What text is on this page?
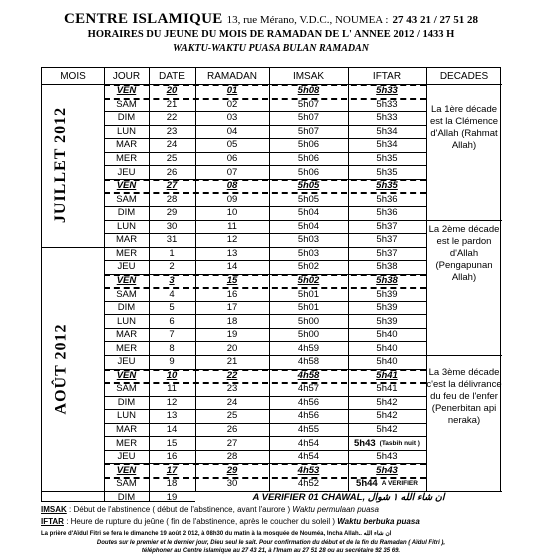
CENTRE ISLAMIQUE 13, rue Mérano, V.D.C., NOUMEA : 27 43 21 / 27 51 28
HORAIRES DU JEUNE DU MOIS DE RAMADAN DE L' ANNEE 2012 / 1433 H
WAKTU-WAKTU PUASA BULAN RAMADAN
MOIS	JOUR	DATE	RAMADAN	IMSAK	IFTAR	DECADES
VEN	20	01	5h08	5h33
SAM	21	02	5h07	5h33
DIM	22	03	5h07	5h33
LUN	23	04	5h07	5h34
MAR	24	05	5h06	5h34
MER	25	06	5h06	5h35
JEU	26	07	5h06	5h35
VEN	27	08	5h05	5h35
SAM	28	09	5h05	5h36
DIM	29	10	5h04	5h36
LUN	30	11	5h04	5h37
MAR	31	12	5h03	5h37
MER	1	13	5h03	5h37
JEU	2	14	5h02	5h38
VEN	3	15	5h02	5h38
SAM	4	16	5h01	5h39
DIM	5	17	5h01	5h39
LUN	6	18	5h00	5h39
MAR	7	19	5h00	5h40
MER	8	20	4h59	5h40
JEU	9	21	4h58	5h40
VEN	10	22	4h58	5h41
SAM	11	23	4h57	5h41
DIM	12	24	4h56	5h42
LUN	13	25	4h56	5h42
MAR	14	26	4h55	5h42
MER	15	27	4h54	5h43 (Tasbih nuit )
JEU	16	28	4h54	5h43
VEN	17	29	4h53	5h43
SAM	18	30	4h52	5h44 A VERIFIER
DIM	19	A VERIFIER 01 CHAWAL, ان شاء الله ۱ شوال
JUILLET 2012
AOÛT 2012
La 1ère décade est la Clémence d'Allah (Rahmat Allah)
La 2ème décade est le pardon d'Allah (Pengapunan Allah)
La 3ème décade c'est la délivrance du feu de l'enfer (Penerbitan api neraka)
IMSAK : Début de l'abstinence ( début de l'abstinence, avant l'aurore ) Waktu permulaan puasa
IFTAR : Heure de rupture du jeûne ( fin de l'abstinence, après le coucher du soleil ) Waktu berbuka puasa
La prière d'Aïdul Fitri se fera le dimanche 19 août 2 012, à 08h30 du matin à la mosquée de Nouméa, Incha Allah.. ان شاء الله
Doutes sur le premier et le dernier jour, Dieu seul le sait. Pour confirmation du début et de la fin du Ramadan ( Aïdul Fitri ),
téléphoner au Centre islamique au 27 43 21, à l'Imam au 27 51 28 ou au secrétaire 92 35 69.
